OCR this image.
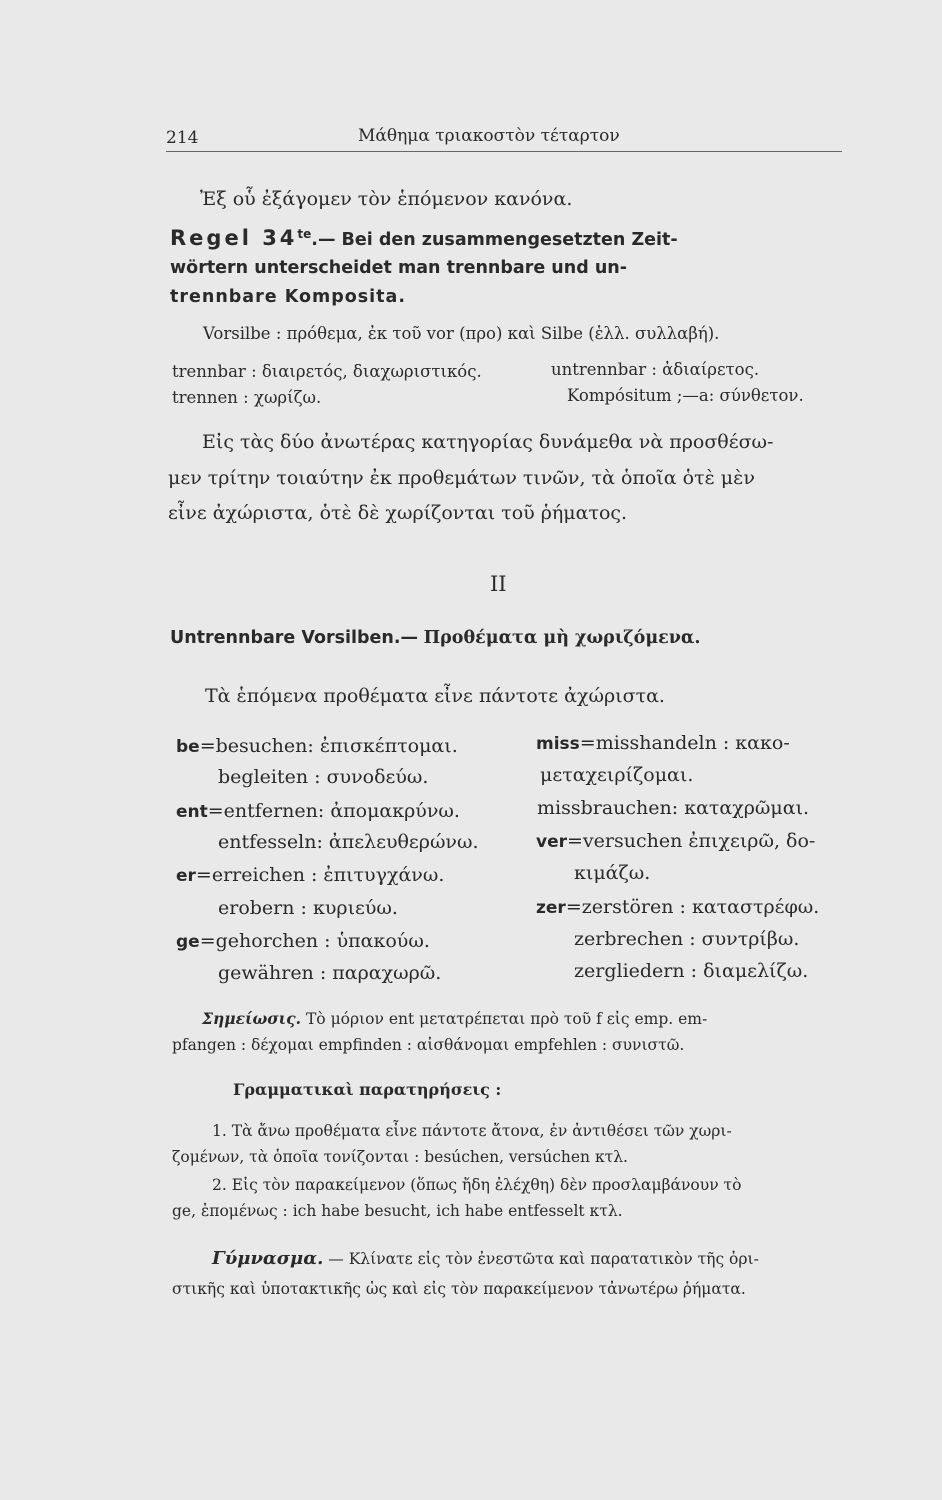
214	Μάθημα τριακοστὸν τέταρτον
Ἐξ οὗ ἐξάγομεν τὸν ἑπόμενον κανόνα.
Regel $34^{te}.—$ Bei den zusammengesetzten Zeit-
wörtern unterscheidet man trennbare und un-
trennbare Komposita.
Vorsilbe : πρόθεμα, ἐκ τοῦ vor (προ) καὶ Silbe (ἑλλ. συλλαβή).
trennbar : διαιρετός, διαχωριστικός.
trennen : χωρίζω.
untrennbar : ἀδιαίρετος.
Kompósitum ;—a: σύνθετον.
Εἰς τὰς δύο ἀνωτέρας κατηγορίας δυνάμεθα νὰ προσθέσω-
μεν τρίτην τοιαύτην ἐκ προθεμάτων τινῶν, τὰ ὁποῖα ὁτὲ μὲν
εἶνε ἀχώριστα, ὁτὲ δὲ χωρίζονται τοῦ ῥήματος.
II
Untrennbare Vorsilben.— Προθέματα μὴ χωριζόμενα.
Τὰ ἑπόμενα προθέματα εἶνε πάντοτε ἀχώριστα.
be=besuchen: ἐπισκέπτομαι.
begleiten : συνοδεύω.
ent=entfernen: ἀπομακρύνω.
entfesseln: ἀπελευθερώνω.
er=erreichen : ἐπιτυγχάνω.
erobern : κυριεύω.
ge=gehorchen : ὑπακούω.
gewähren : παραχωρῶ.
miss=misshandeln : κακο-
μεταχειρίζομαι.
missbrauchen: καταχρῶμαι.
ver=versuchen ἐπιχειρῶ, δο-
κιμάζω.
zer=zerstören : καταστρέφω.
zerbrechen : συντρίβω.
zergliedern : διαμελίζω.
Σημείωσις. Τὸ μόριον ent μετατρέπεται πρὸ τοῦ f εἰς emp. em-
pfangen : δέχομαι empfinden : αἰσθάνομαι empfehlen : συνιστῶ.
Γραμματικαὶ παρατηρήσεις :
1. Τὰ ἄνω προθέματα εἶνε πάντοτε ἄτονα, ἐν ἀντιθέσει τῶν χωρι-
ζομένων, τὰ ὁποῖα τονίζονται : besúchen, versúchen κτλ.
2. Εἰς τὸν παρακείμενον (ὅπως ἤδη ἐλέχθη) δὲν προσλαμβάνουν τὸ
ge, ἑπομένως : ich habe besucht, ich habe entfesselt κτλ.
Γύμνασμα. — Κλίνατε εἰς τὸν ἐνεστῶτα καὶ παρατατικὸν τῆς ὁρι-
στικῆς καὶ ὑποτακτικῆς ὡς καὶ εἰς τὸν παρακείμενον τἀνωτέρω ῥήματα.
